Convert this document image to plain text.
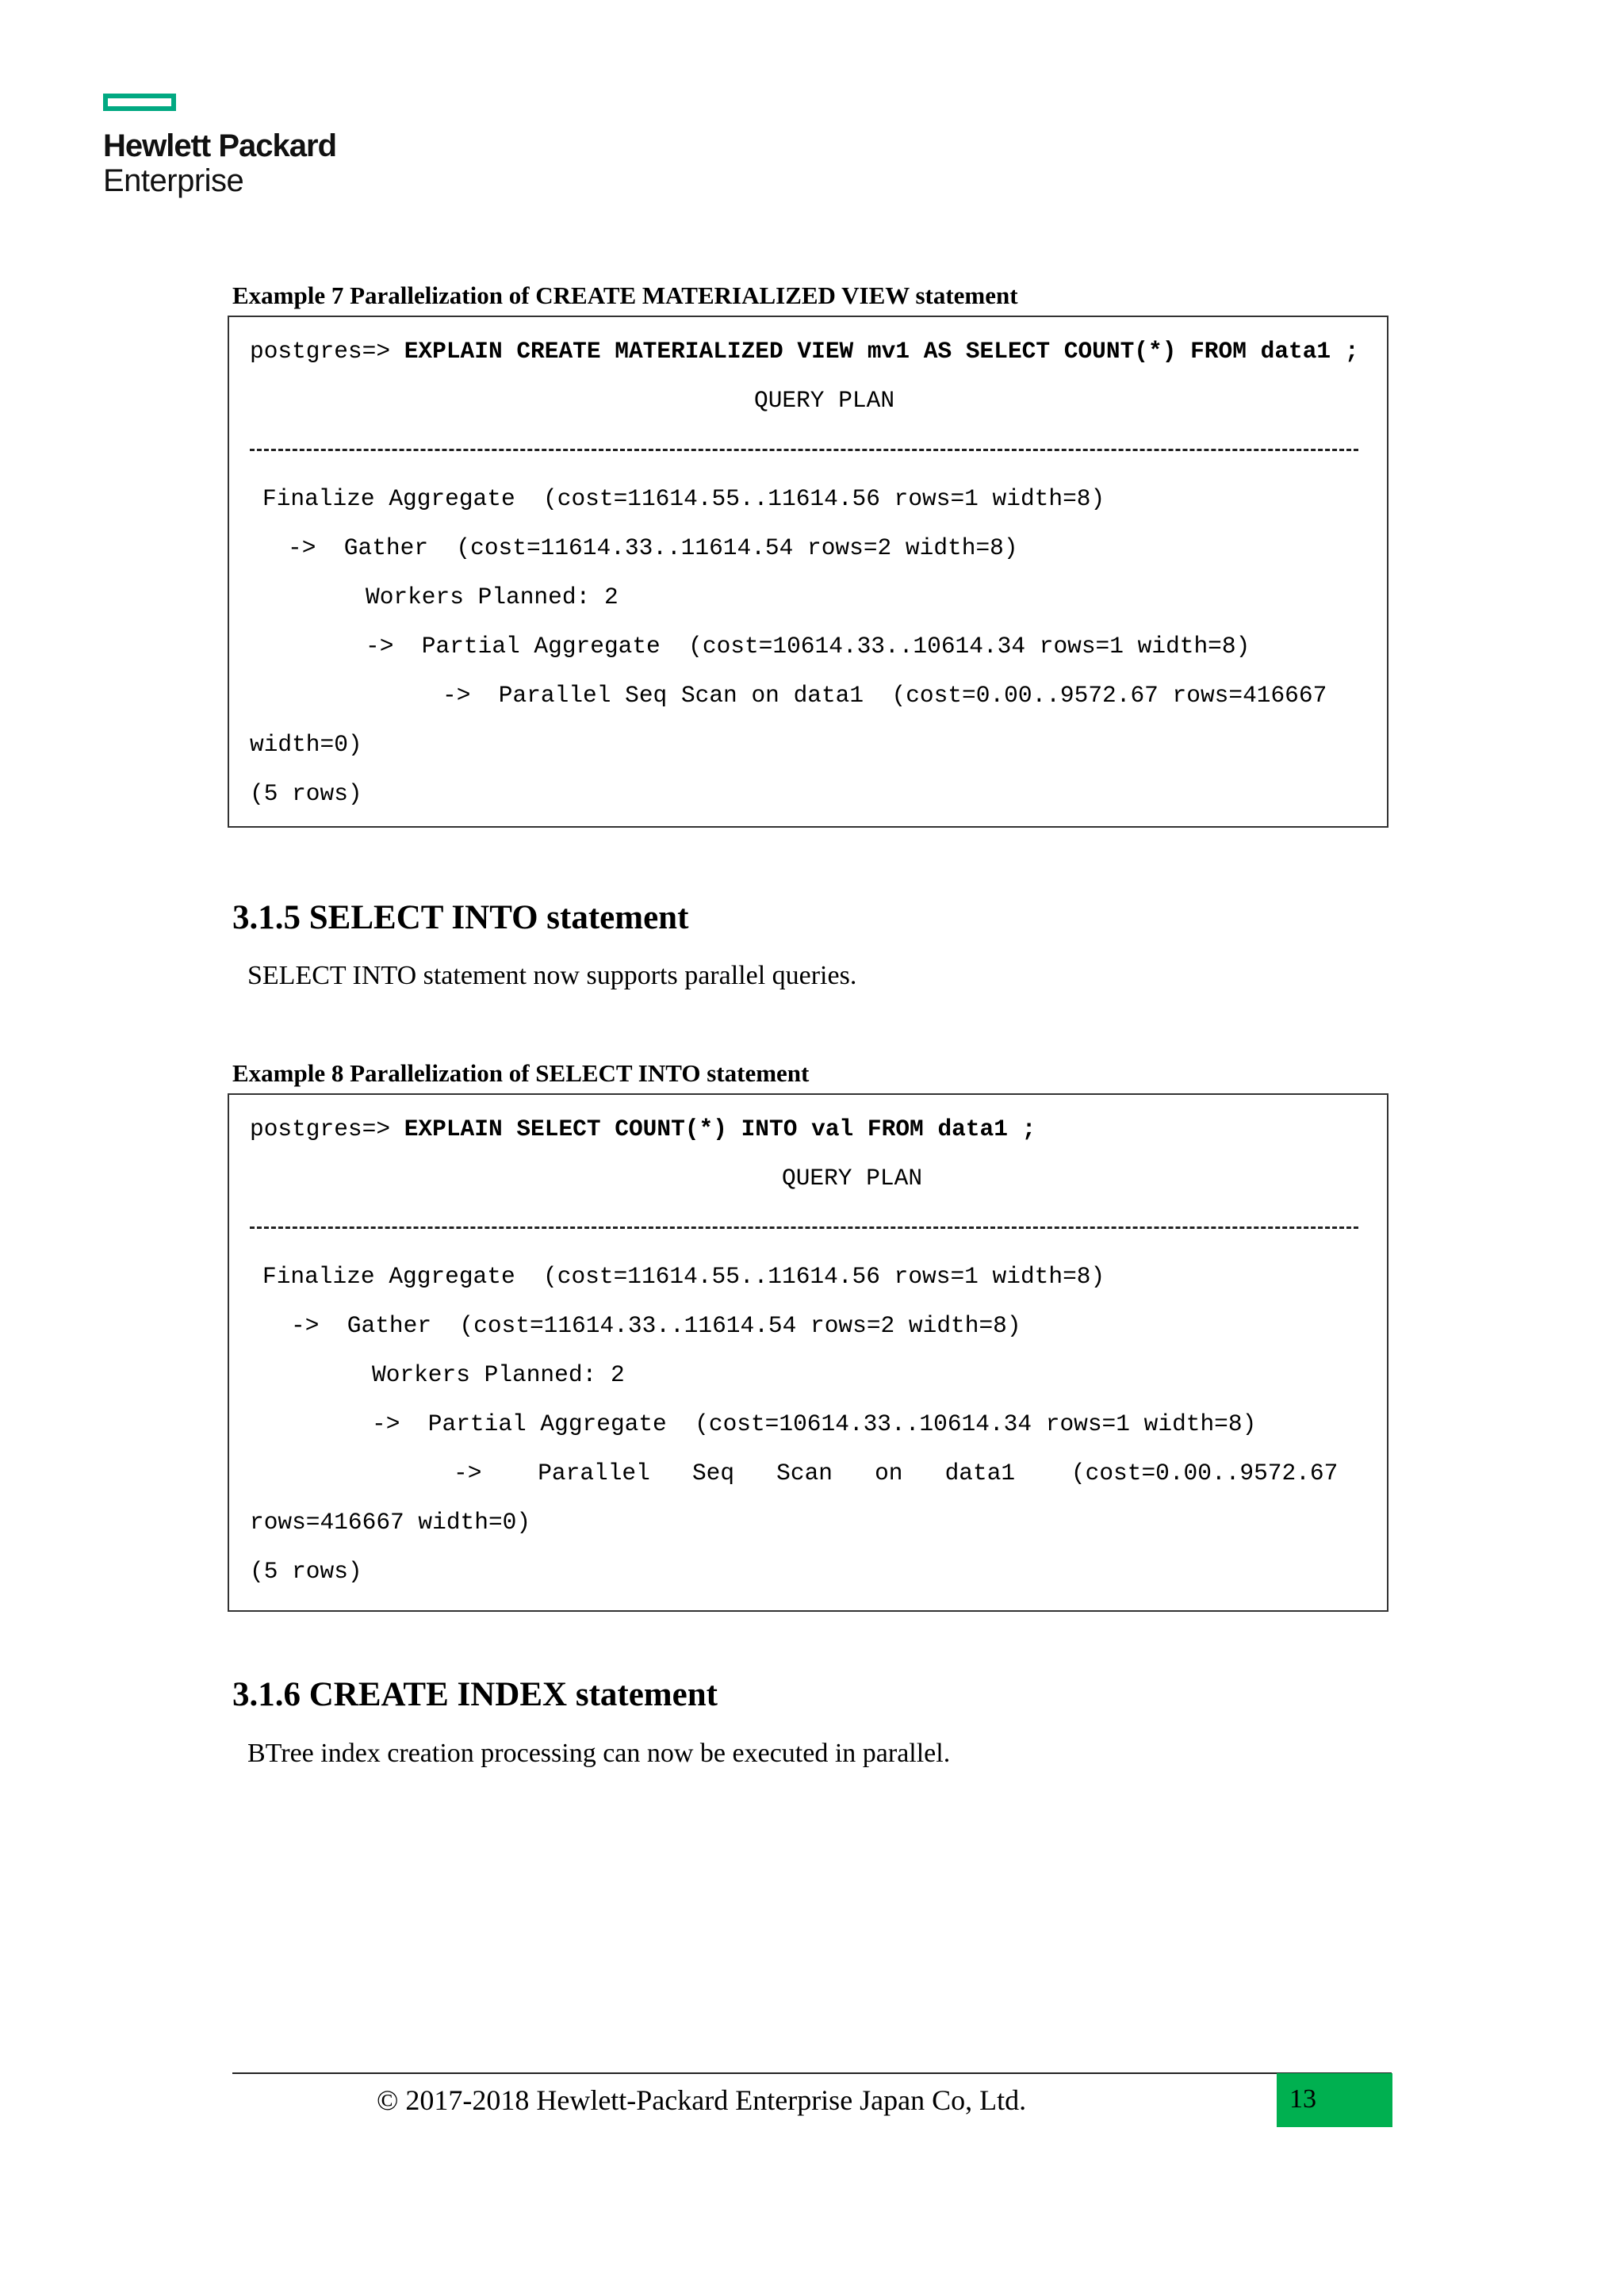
Hewlett Packard
Enterprise
Example 7 Parallelization of CREATE MATERIALIZED VIEW statement
postgres=> EXPLAIN CREATE MATERIALIZED VIEW mv1 AS SELECT COUNT(*) FROM data1 ;
QUERY PLAN
Finalize Aggregate  (cost=11614.55..11614.56 rows=1 width=8)
->  Gather  (cost=11614.33..11614.54 rows=2 width=8)
Workers Planned: 2
->  Partial Aggregate  (cost=10614.33..10614.34 rows=1 width=8)
->  Parallel Seq Scan on data1  (cost=0.00..9572.67 rows=416667
width=0)
(5 rows)
3.1.5 SELECT INTO statement
SELECT INTO statement now supports parallel queries.
Example 8 Parallelization of SELECT INTO statement
postgres=> EXPLAIN SELECT COUNT(*) INTO val FROM data1 ;
QUERY PLAN
Finalize Aggregate  (cost=11614.55..11614.56 rows=1 width=8)
->  Gather  (cost=11614.33..11614.54 rows=2 width=8)
Workers Planned: 2
->  Partial Aggregate  (cost=10614.33..10614.34 rows=1 width=8)
->    Parallel   Seq   Scan   on   data1    (cost=0.00..9572.67
rows=416667 width=0)
(5 rows)
3.1.6 CREATE INDEX statement
BTree index creation processing can now be executed in parallel.
© 2017-2018 Hewlett-Packard Enterprise Japan Co, Ltd.	13
